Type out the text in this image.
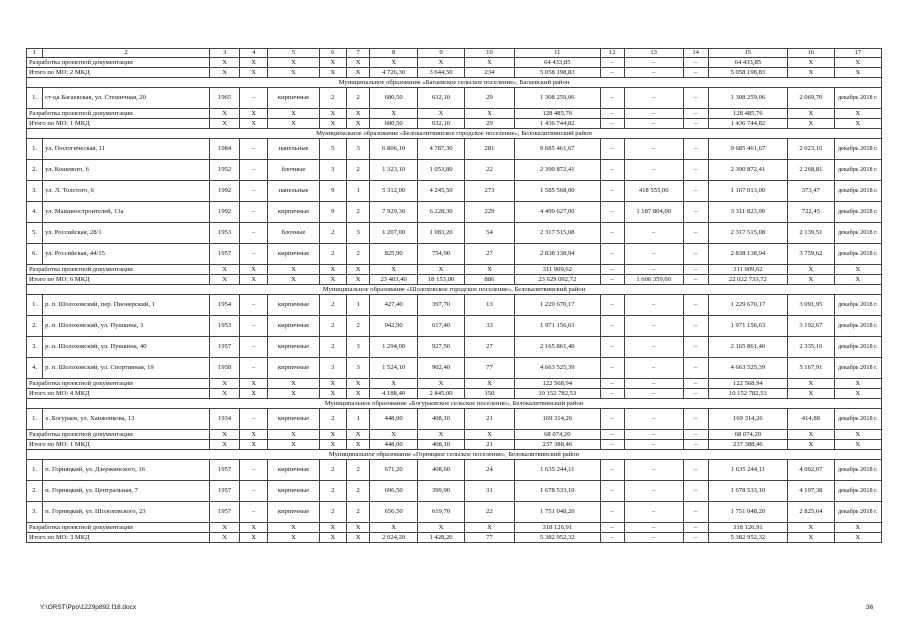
1	2	3	4	5	6	7	8	9	10	11	12	13	14	15	16	17
Разработка проектной документации		Х	Х	Х	Х	Х	Х	Х	Х	64 433,85	–	–	–	64 433,85	Х	Х
Итого по МО: 2 МКД		Х	Х	Х	Х	Х	4 726,30	3 644,50	234	5 058 198,83	–	–	–	5 058 198,83	Х	Х
Муниципальное образование «Багаевское сельское поселение», Багаевский район																
1.	ст-ца Багаевская, ул. Стешичная, 20	1965	–	кирпичные	2	2	680,50	632,10	29	1 308 259,06	–	–	–	1 308 259,06	2 069,70	декабрь 2018 г.
Разработка проектной документации		Х	Х	Х	Х	Х	Х	Х	Х	128 485,76	–	–	–	128 485,76	Х	Х
Итого по МО: 1 МКД		Х	Х	Х	Х	Х	680,50	632,10	29	1 436 744,82	–	–	–	1 436 744,82	Х	Х
Муниципальное образование «Белокалитвинское городское поселение», Белокалитвинский район																
1.	ул. Геологическая, 11	1984	–	панельные	5	3	6 806,10	4 787,30	281	9 685 461,67	–	–	–	9 685 461,67	2 023,16	декабрь 2018 г.
2.	ул. Кошевого, 6	1952	–	блочные	3	2	1 323,10	1 053,80	22	2 390 872,41	–	–	–	2 390 872,41	2 268,81	декабрь 2018 г.
3.	ул. Л. Толстого, 6	1992	–	панельные	9	1	5 312,00	4 245,50	273	1 585 568,00	–	418 555,00	–	1 167 013,00	373,47	декабрь 2018 г.
4.	ул. Машиностроителей, 13а	1992	–	кирпичные	9	2	7 929,30	6 228,30	229	4 499 627,00	–	1 187 804,00	–	3 311 823,00	722,45	декабрь 2018 г.
5.	ул. Российская, 28/1	1953	–	блочные	2	3	1 207,00	1 083,20	54	2 317 515,08	–	–	–	2 317 515,08	2 139,51	декабрь 2018 г.
6.	ул. Российская, 44/15	1957	–	кирпичные	2	2	825,90	754,90	27	2 838 138,94	–	–	–	2 838 138,94	3 759,62	декабрь 2018 г.
Разработка проектной документации		Х	Х	Х	Х	Х	Х	Х	Х	311 909,62	–	–	–	311 909,62	Х	Х
Итого по МО: 6 МКД		Х	Х	Х	Х	Х	23 403,40	18 153,00	886	23 629 092,72	–	1 606 359,00	–	22 022 733,72	Х	Х
Муниципальное образование «Шолоховское городское поселение», Белокалитвинский район																
1.	р. п. Шолоховский, пер. Пионерский, 1	1954	–	кирпичные	2	1	427,40	397,70	13	1 229 670,17	–	–	–	1 229 670,17	3 091,95	декабрь 2018 г.
2.	р. п. Шолоховский, ул. Пушкина, 3	1953	–	кирпичные	2	2	942,90	617,40	33	1 971 156,63	–	–	–	1 971 156,63	3 192,67	декабрь 2018 г.
3.	р. п. Шолоховский, ул. Пушкина, 40	1957	–	кирпичные	2	3	1 294,00	927,50	27	2 165 861,40	–	–	–	2 165 861,40	2 335,16	декабрь 2018 г.
4.	р. п. Шолоховский, ул. Спортивная, 19	1958	–	кирпичные	3	3	1 524,10	902,40	77	4 663 525,39	–	–	–	4 663 525,39	5 167,91	декабрь 2018 г.
Разработка проектной документации		Х	Х	Х	Х	Х	Х	Х	Х	122 568,94	–	–	–	122 568,94	Х	Х
Итого по МО: 4 МКД		Х	Х	Х	Х	Х	4 188,40	2 845,00	150	10 152 782,53	–	–	–	10 152 782,53	Х	Х
Муниципальное образование «Богураевское сельское поселение», Белокалитвинский район																
1.	х. Богураев, ул. Ханжонкова, 13	1934	–	кирпичные	2	1	448,00	408,10	21	169 314,26	–	–	–	169 314,26	414,88	декабрь 2018 г.
Разработка проектной документации		Х	Х	Х	Х	Х	Х	Х	Х	68 074,20	–	–	–	68 074,20	Х	Х
Итого по МО: 1 МКД		Х	Х	Х	Х	Х	448,00	408,10	21	237 388,46	–	–	–	237 388,46	Х	Х
Муниципальное образование «Горняцкое сельское поселение», Белокалитвинский район																
1.	п. Горняцкий, ул. Дзержинского, 16	1957	–	кирпичные	2	2	671,20	408,60	24	1 635 244,11	–	–	–	1 635 244,11	4 002,07	декабрь 2018 г.
2.	п. Горняцкий, ул. Центральная, 7	1957	–	кирпичные	2	2	696,50	399,90	31	1 678 533,10	–	–	–	1 678 533,10	4 197,38	декабрь 2018 г.
3.	п. Горняцкий, ул. Шолоховского, 23	1957	–	кирпичные	2	2	656,50	619,70	22	1 751 048,20	–	–	–	1 751 048,20	2 825,64	декабрь 2018 г.
Разработка проектной документации		Х	Х	Х	Х	Х	Х	Х	Х	318 126,91	–	–	–	318 126,91	Х	Х
Итого по МО: 3 МКД		Х	Х	Х	Х	Х	2 024,20	1 428,20	77	5 382 952,32	–	–	–	5 382 952,32	Х	Х
Y:\ORST\Ppo\1229p892.f18.docx	36
